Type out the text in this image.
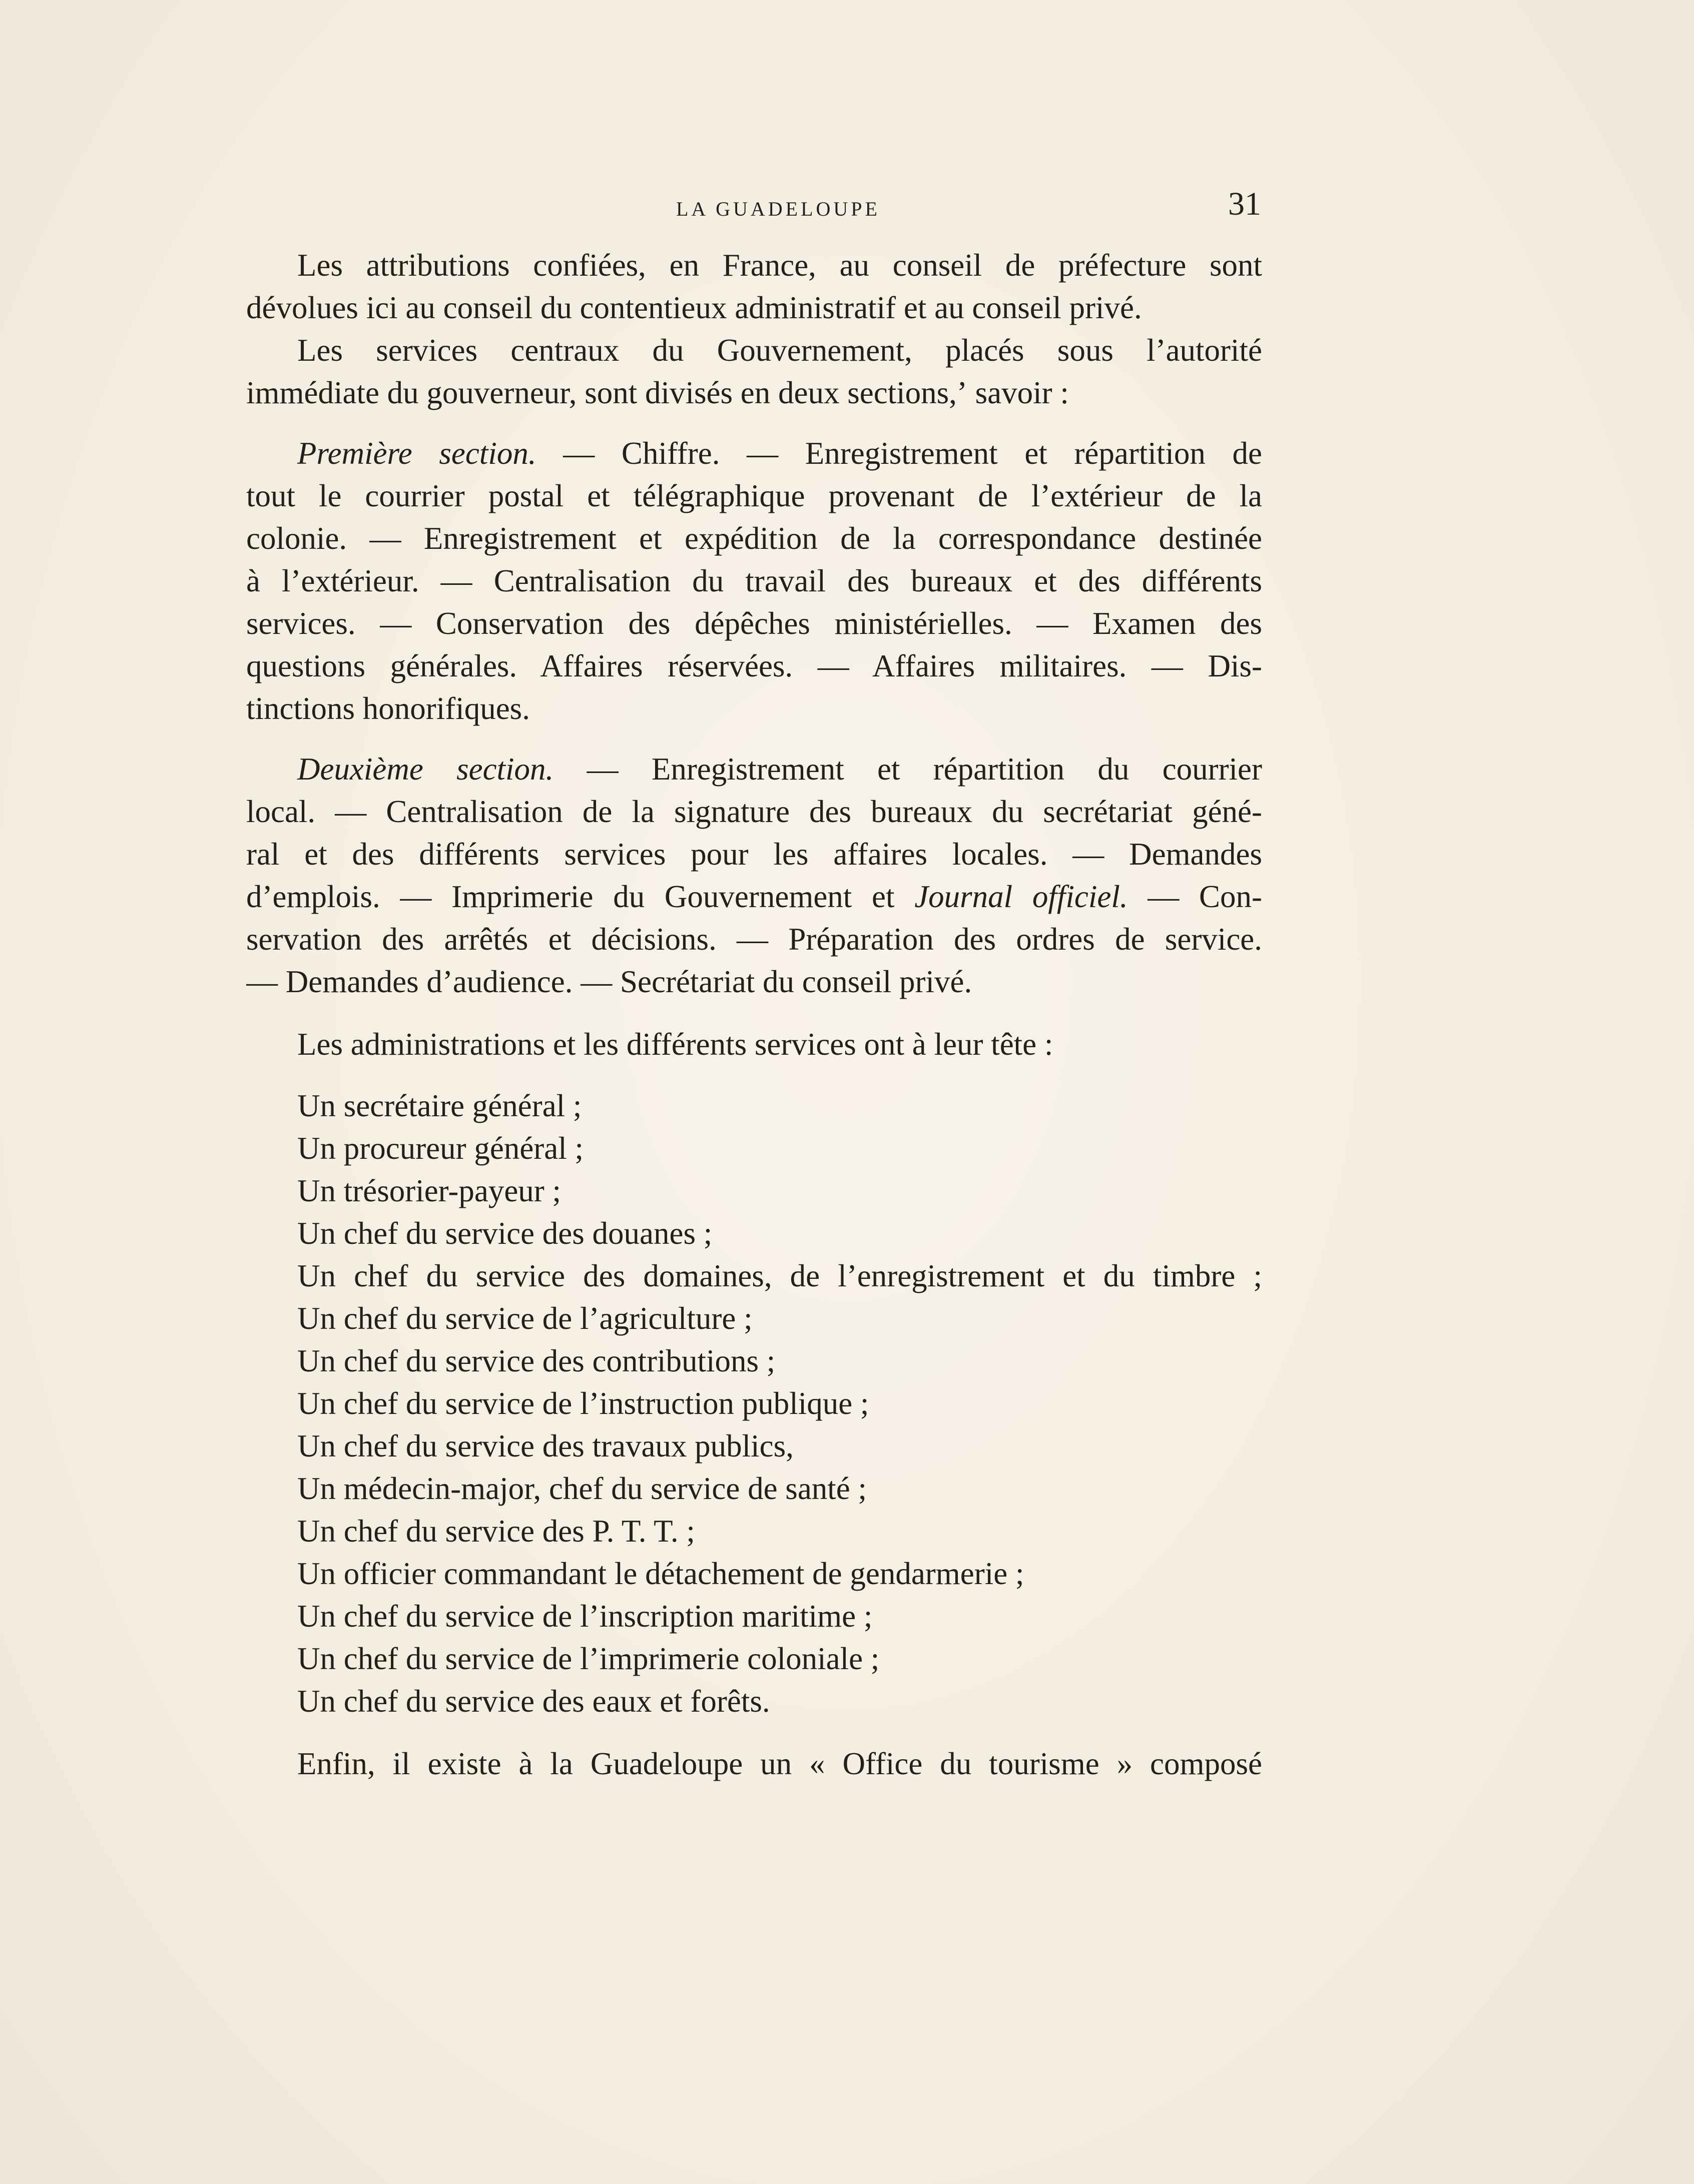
LA GUADELOUPE	31
Les attributions confiées, en France, au conseil de préfecture sont
dévolues ici au conseil du contentieux administratif et au conseil privé.
Les services centraux du Gouvernement, placés sous l’autorité
immédiate du gouverneur, sont divisés en deux sections,ʼ savoir :
Première section. — Chiffre. — Enregistrement et répartition de
tout le courrier postal et télégraphique provenant de l’extérieur de la
colonie. — Enregistrement et expédition de la correspondance destinée
à l’extérieur. — Centralisation du travail des bureaux et des différents
services. — Conservation des dépêches ministérielles. — Examen des
questions générales. Affaires réservées. — Affaires militaires. — Dis-
tinctions honorifiques.
Deuxième section. — Enregistrement et répartition du courrier
local. — Centralisation de la signature des bureaux du secrétariat géné-
ral et des différents services pour les affaires locales. — Demandes
d’emplois. — Imprimerie du Gouvernement et Journal officiel. — Con-
servation des arrêtés et décisions. — Préparation des ordres de service.
— Demandes d’audience. — Secrétariat du conseil privé.
Les administrations et les différents services ont à leur tête :
Un secrétaire général ;
Un procureur général ;
Un trésorier-payeur ;
Un chef du service des douanes ;
Un chef du service des domaines, de l’enregistrement et du timbre ;
Un chef du service de l’agriculture ;
Un chef du service des contributions ;
Un chef du service de l’instruction publique ;
Un chef du service des travaux publics,
Un médecin-major, chef du service de santé ;
Un chef du service des P. T. T. ;
Un officier commandant le détachement de gendarmerie ;
Un chef du service de l’inscription maritime ;
Un chef du service de l’imprimerie coloniale ;
Un chef du service des eaux et forêts.
Enfin, il existe à la Guadeloupe un « Office du tourisme » composé
